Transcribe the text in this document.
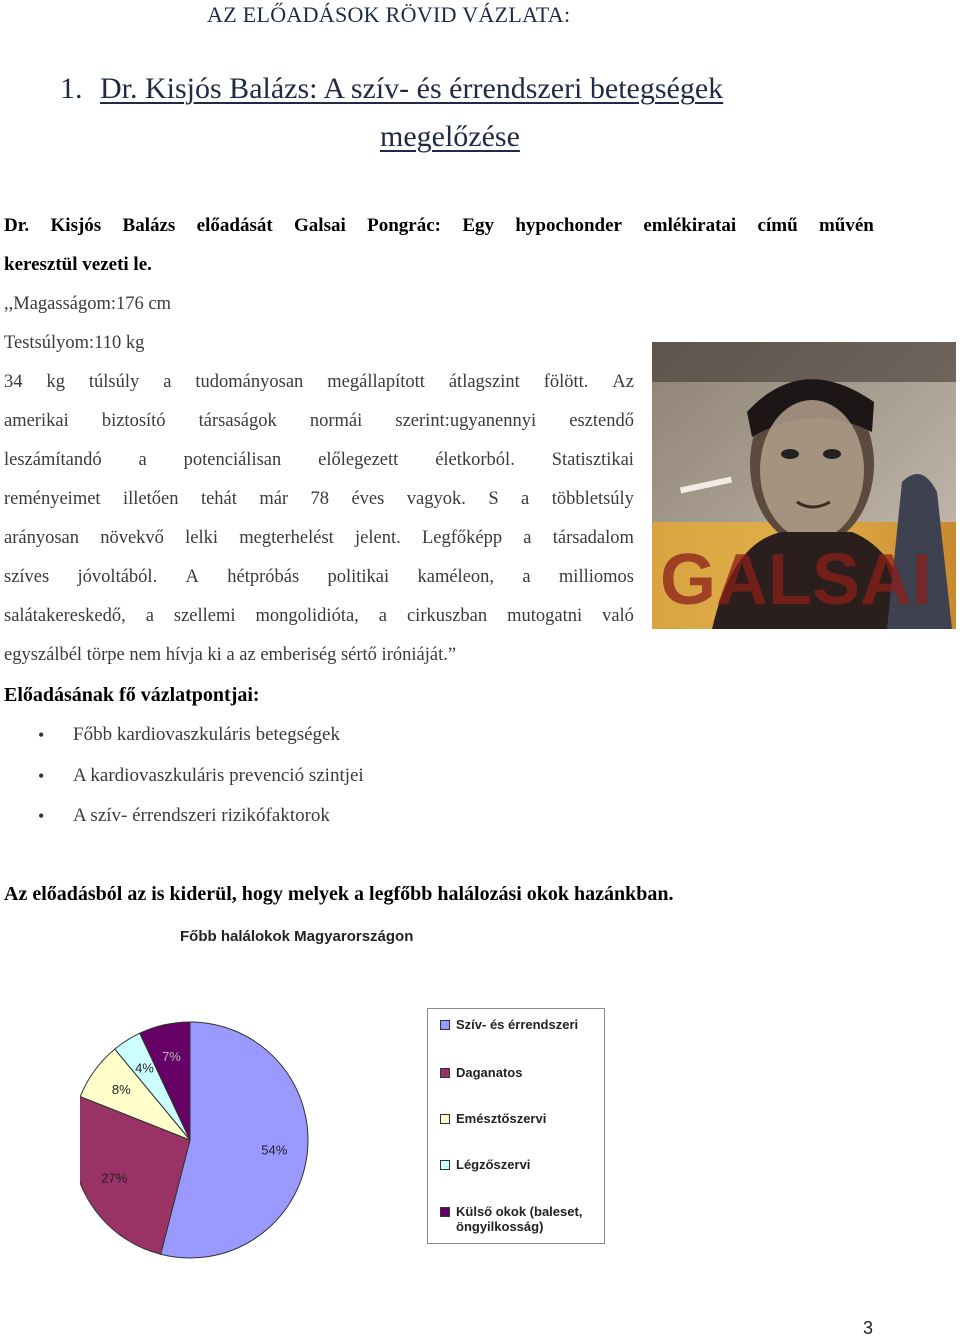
AZ ELŐADÁSOK RÖVID VÁZLATA:
1. Dr. Kisjós Balázs: A szív- és érrendszeri betegségek
megelőzése
Dr. Kisjós Balázs előadását Galsai Pongrác: Egy hypochonder emlékiratai című művén
keresztül vezeti le.
,,Magasságom:176 cm
Testsúlyom:110 kg
34 kg túlsúly a tudományosan megállapított átlagszint fölött. Az
amerikai biztosító társaságok normái szerint:ugyanennyi esztendő
leszámítandó a potenciálisan előlegezett életkorból. Statisztikai
reményeimet illetően tehát már 78 éves vagyok. S a többletsúly
arányosan növekvő lelki megterhelést jelent. Legfőképp a társadalom
szíves jóvoltából. A hétpróbás politikai kaméleon, a milliomos
salátakereskedő, a szellemi mongolidióta, a cirkuszban mutogatni való
egyszálbél törpe nem hívja ki a az emberiség sértő iróniáját.”
GALSAI
Előadásának fő vázlatpontjai:
• Főbb kardiovaszkuláris betegségek
• A kardiovaszkuláris prevenció szintjei
• A szív- érrendszeri rizikófaktorok
Az előadásból az is kiderül, hogy melyek a legfőbb halálozási okok hazánkban.
Főbb halálokok Magyarországon
54%
27%
8%
4%
7%
Szív- és érrendszeri
Daganatos
Emésztőszervi
Légzőszervi
Külső okok (baleset, öngyilkosság)
3
